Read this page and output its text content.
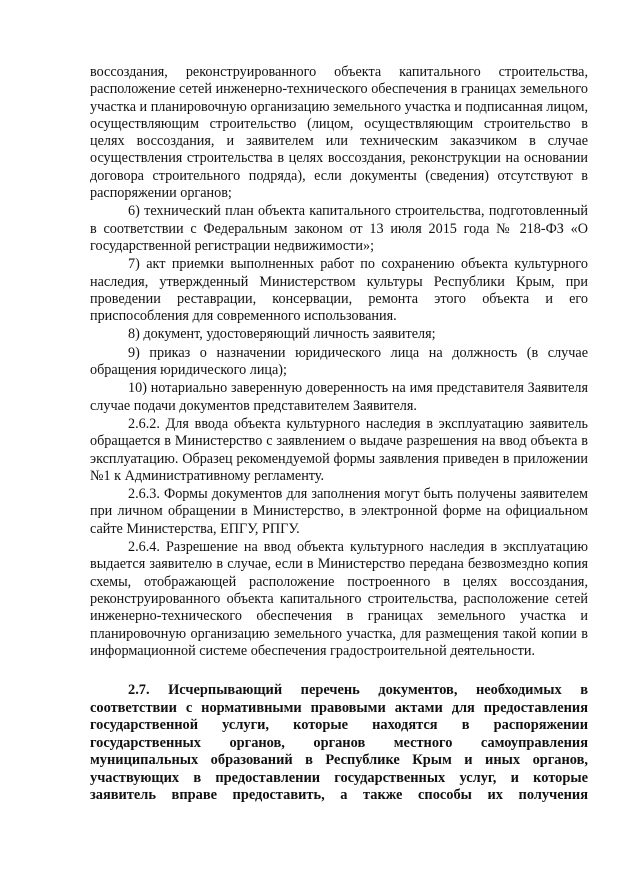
воссоздания, реконструированного объекта капитального строительства, расположение сетей инженерно-технического обеспечения в границах земельного участка и планировочную организацию земельного участка и подписанная лицом, осуществляющим строительство (лицом, осуществляющим строительство в целях воссоздания, и заявителем или техническим заказчиком в случае осуществления строительства в целях воссоздания, реконструкции на основании договора строительного подряда), если документы (сведения) отсутствуют в распоряжении органов;

6) технический план объекта капитального строительства, подготовленный в соответствии с Федеральным законом от 13 июля 2015 года № 218-ФЗ «О государственной регистрации недвижимости»;

7) акт приемки выполненных работ по сохранению объекта культурного наследия, утвержденный Министерством культуры Республики Крым, при проведении реставрации, консервации, ремонта этого объекта и его приспособления для современного использования.

8) документ, удостоверяющий личность заявителя;

9) приказ о назначении юридического лица на должность (в случае обращения юридического лица);

10) нотариально заверенную доверенность на имя представителя Заявителя случае подачи документов представителем Заявителя.

2.6.2. Для ввода объекта культурного наследия в эксплуатацию заявитель обращается в Министерство с заявлением о выдаче разрешения на ввод объекта в эксплуатацию. Образец рекомендуемой формы заявления приведен в приложении №1 к Административному регламенту.

2.6.3. Формы документов для заполнения могут быть получены заявителем при личном обращении в Министерство, в электронной форме на официальном сайте Министерства, ЕПГУ, РПГУ.

2.6.4. Разрешение на ввод объекта культурного наследия в эксплуатацию выдается заявителю в случае, если в Министерство передана безвозмездно копия схемы, отображающей расположение построенного в целях воссоздания, реконструированного объекта капитального строительства, расположение сетей инженерно-технического обеспечения в границах земельного участка и планировочную организацию земельного участка, для размещения такой копии в информационной системе обеспечения градостроительной деятельности.

2.7. Исчерпывающий перечень документов, необходимых в соответствии с нормативными правовыми актами для предоставления государственной услуги, которые находятся в распоряжении государственных органов, органов местного самоуправления муниципальных образований в Республике Крым и иных органов, участвующих в предоставлении государственных услуг, и которые заявитель вправе предоставить, а также способы их получения
